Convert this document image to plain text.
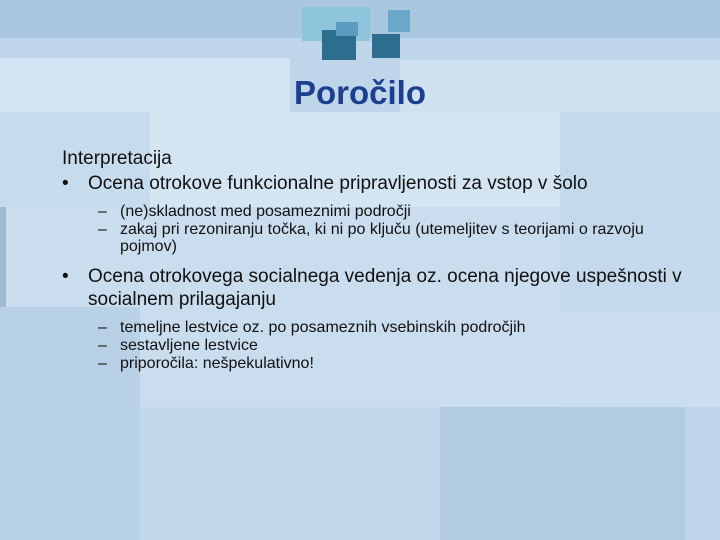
Poročilo
Interpretacija
• Ocena otrokove funkcionalne pripravljenosti za vstop v šolo
– (ne)skladnost med posameznimi področji
– zakaj pri rezoniranju točka, ki ni po ključu (utemeljitev s teorijami o razvoju pojmov)
• Ocena otrokovega socialnega vedenja oz. ocena njegove uspešnosti v socialnem prilagajanju
– temeljne lestvice oz. po posameznih vsebinskih področjih
– sestavljene lestvice
– priporočila: nešpekulativno!
